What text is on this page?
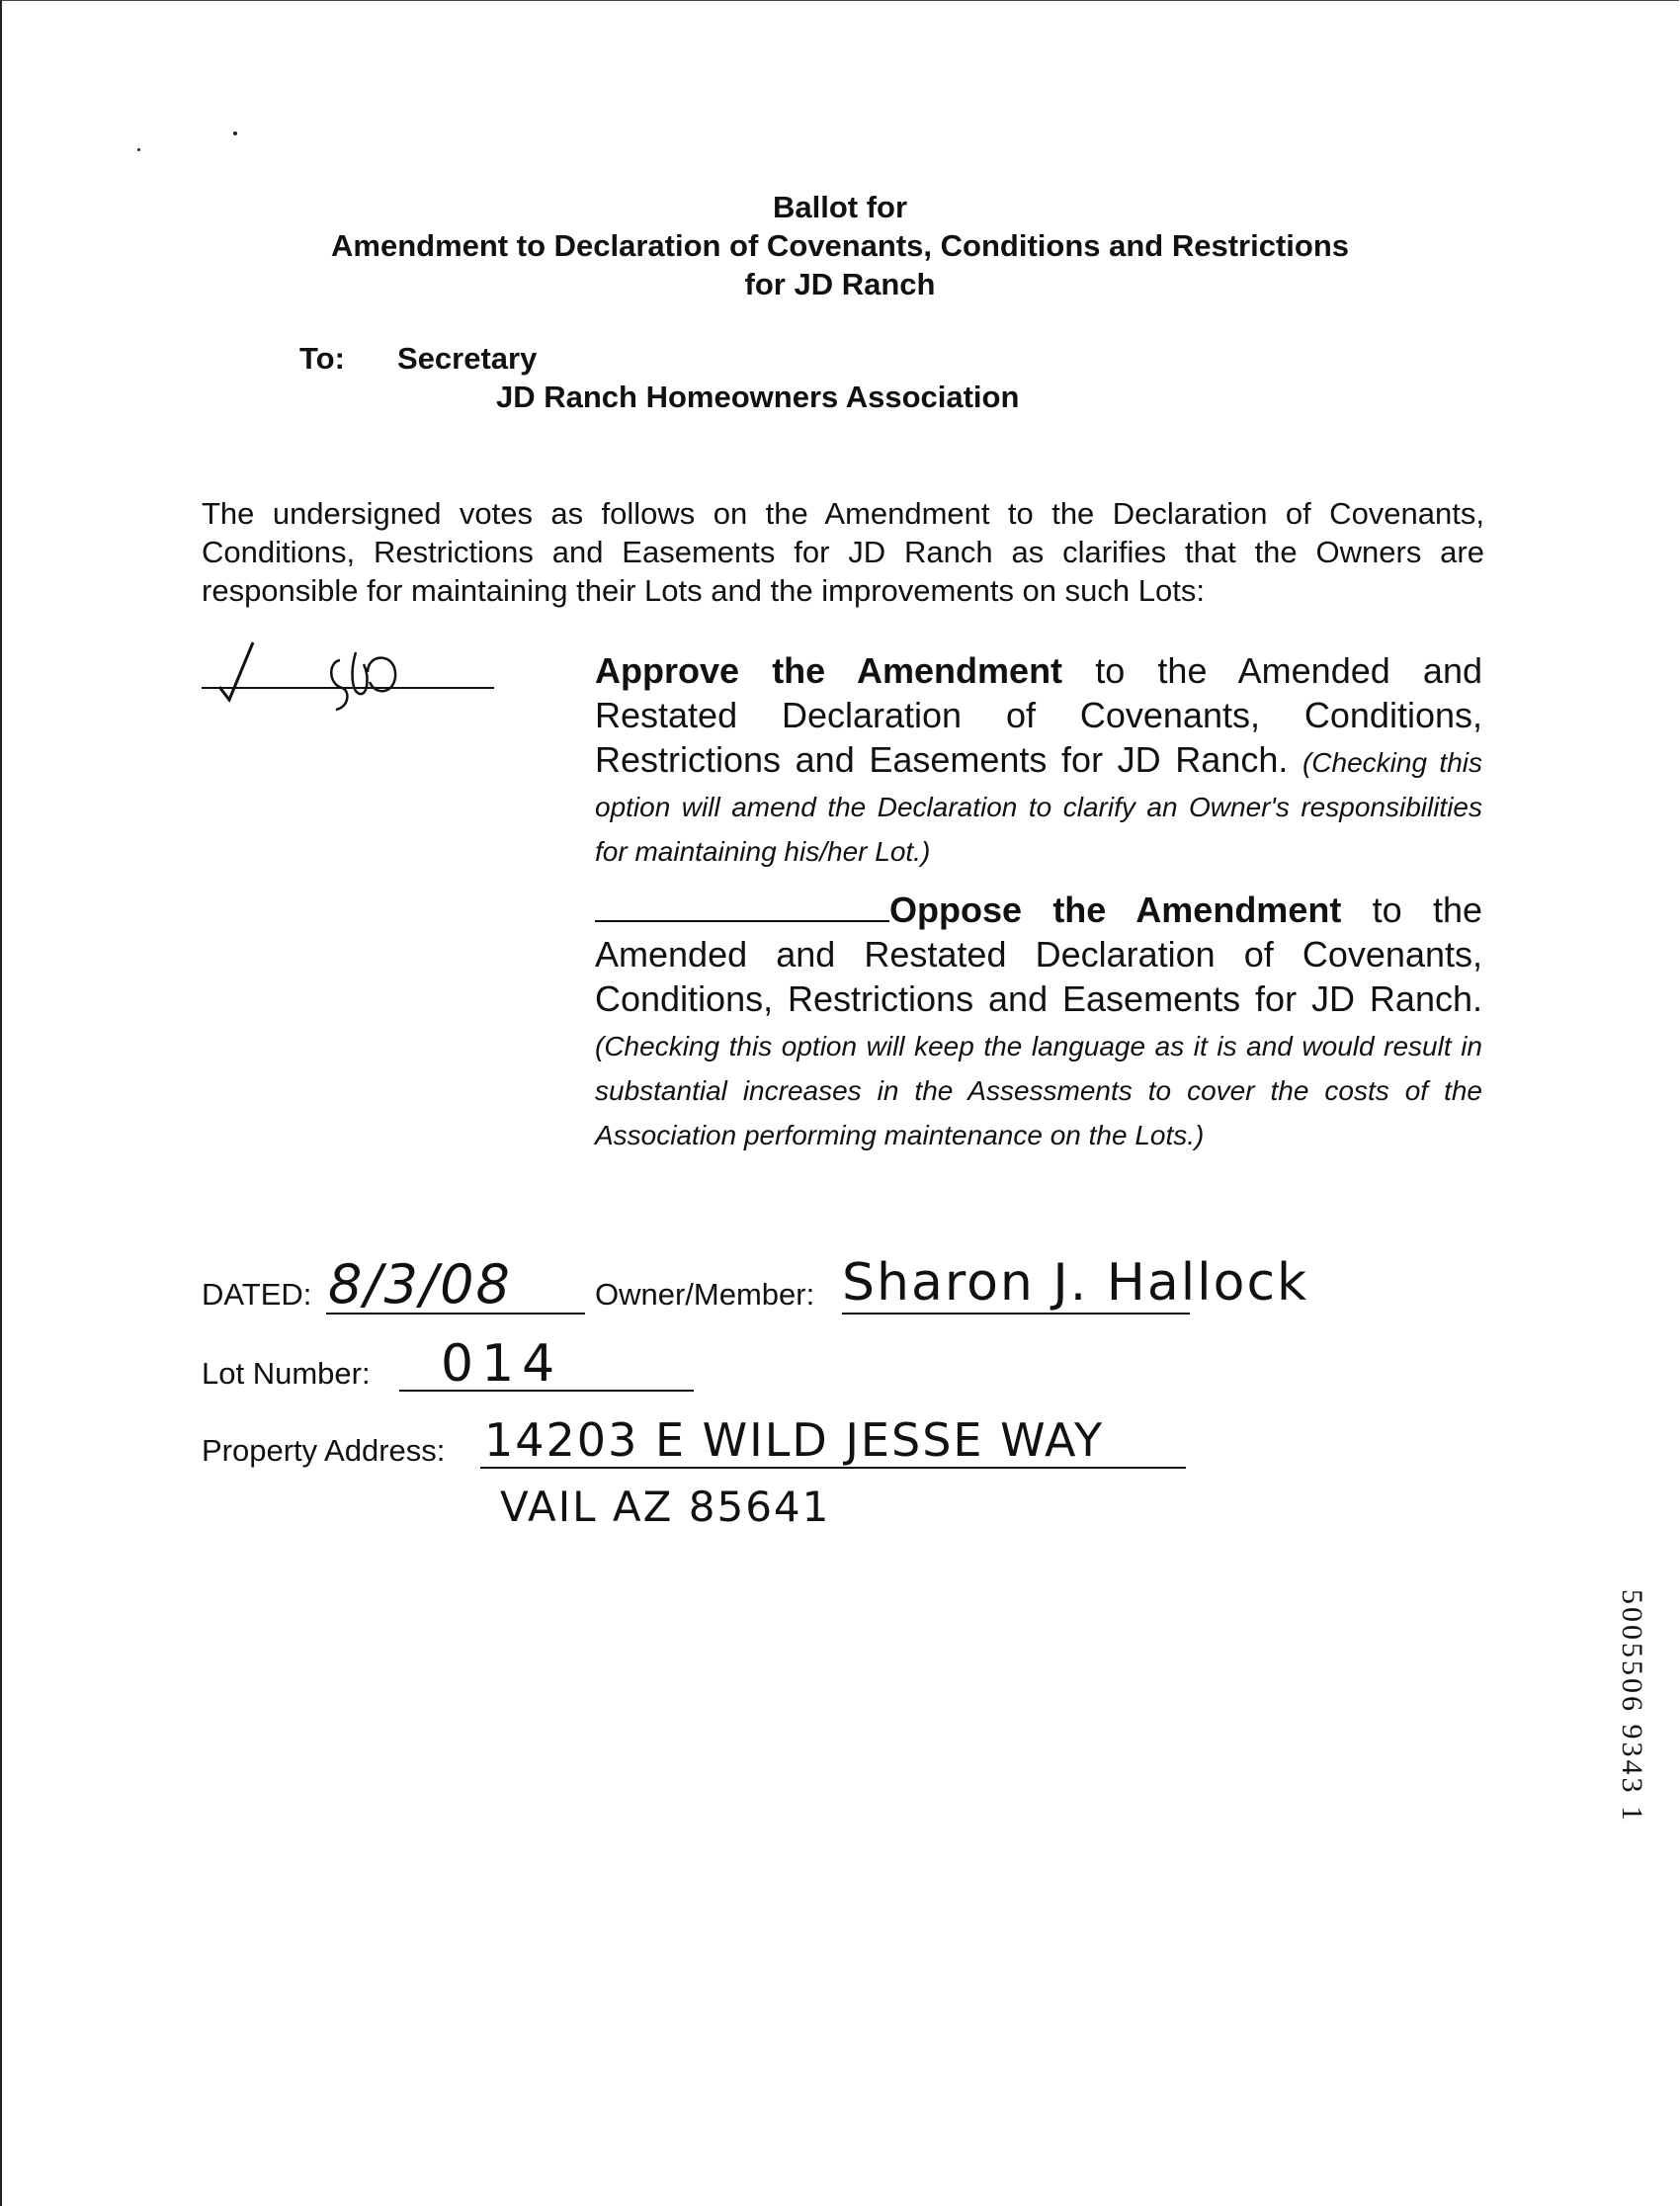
Ballot for
Amendment to Declaration of Covenants, Conditions and Restrictions
for JD Ranch
To: Secretary
JD Ranch Homeowners Association
The undersigned votes as follows on the Amendment to the Declaration of Covenants, Conditions, Restrictions and Easements for JD Ranch as clarifies that the Owners are responsible for maintaining their Lots and the improvements on such Lots:
Approve the Amendment to the Amended and Restated Declaration of Covenants, Conditions, Restrictions and Easements for JD Ranch. (Checking this option will amend the Declaration to clarify an Owner's responsibilities for maintaining his/her Lot.)
Oppose the Amendment to the Amended and Restated Declaration of Covenants, Conditions, Restrictions and Easements for JD Ranch. (Checking this option will keep the language as it is and would result in substantial increases in the Assessments to cover the costs of the Association performing maintenance on the Lots.)
DATED: 8/3/08	Owner/Member: Sharon J. Hallock
Lot Number: 014
Property Address: 14203 E WILD JESSE WAY
VAIL AZ 85641
5005506 9343 1
